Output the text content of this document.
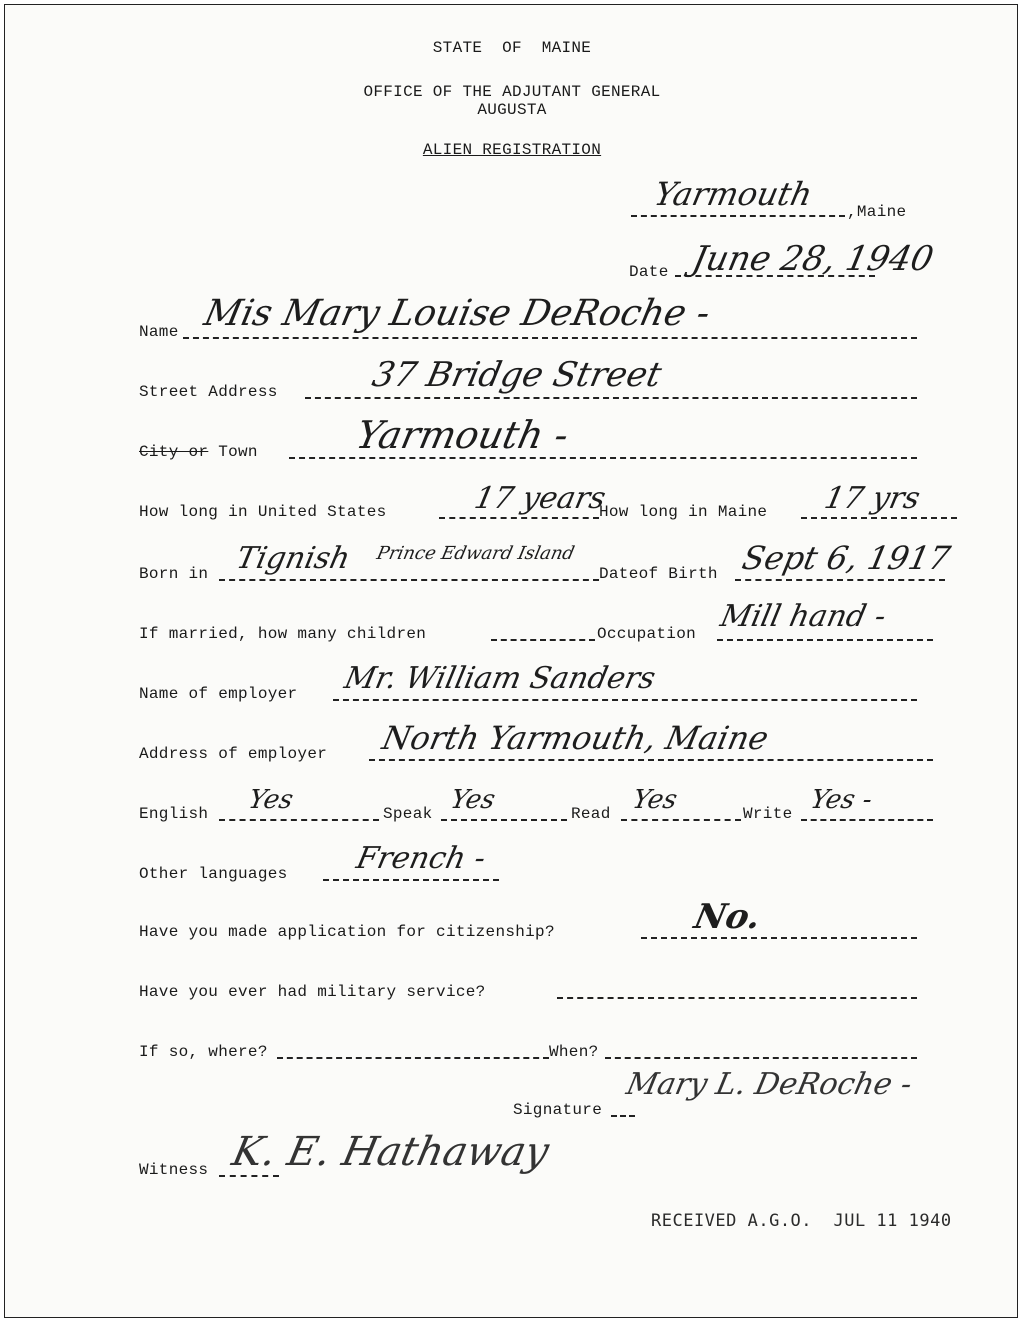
STATE  OF  MAINE
OFFICE OF THE ADJUTANT GENERAL
AUGUSTA
ALIEN REGISTRATION
Yarmouth ,Maine
Date June 28, 1940
Name Mis Mary Louise DeRoche -
Street Address	37 Bridge Street
City or Town Yarmouth -
How long in United States	17 years
How long in Maine 17 yrs
Born in Tignish Prince Edward Island
Dateof Birth Sept 6, 1917
If married, how many children	Occupation Mill hand -
Name of employer Mr. William Sanders
Address of employer North Yarmouth, Maine
English Yes	Speak Yes	Read Yes	Write Yes -
Other languages French -
Have you made application for citizenship?	No.
Have you ever had military service?
If so, where?	When?
Signature
Mary L. DeRoche -
Witness K. E. Hathaway
RECEIVED A.G.O.  JUL 11 1940
